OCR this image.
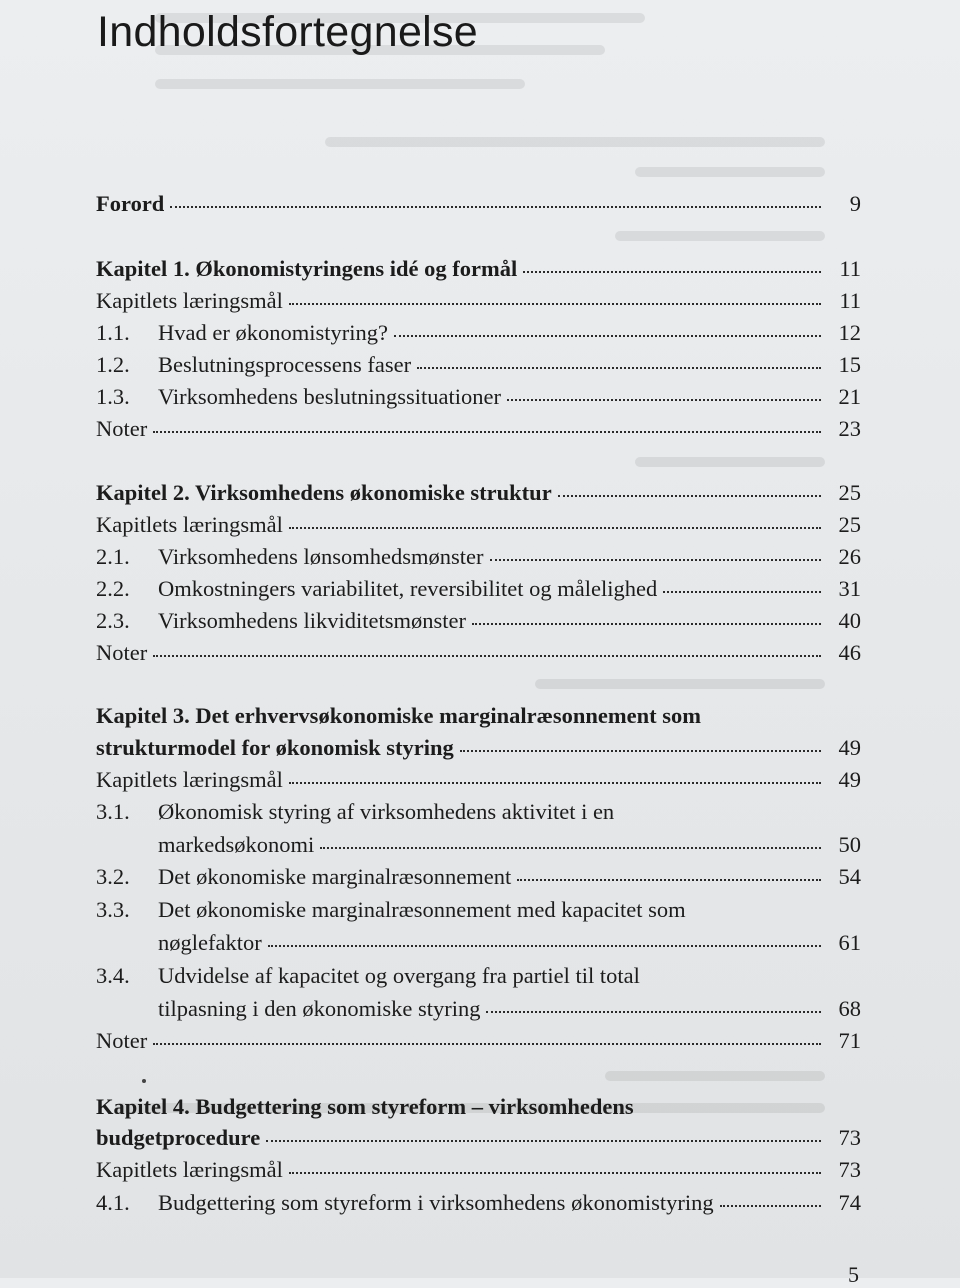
Indholdsfortegnelse
Forord	9
Kapitel 1. Økonomistyringens idé og formål	11
Kapitlets læringsmål	11
1.1.	Hvad er økonomistyring?	12
1.2.	Beslutningsprocessens faser	15
1.3.	Virksomhedens beslutningssituationer	21
Noter	23
Kapitel 2. Virksomhedens økonomiske struktur	25
Kapitlets læringsmål	25
2.1.	Virksomhedens lønsomhedsmønster	26
2.2.	Omkostningers variabilitet, reversibilitet og målelighed	31
2.3.	Virksomhedens likviditetsmønster	40
Noter	46
Kapitel 3. Det erhvervsøkonomiske marginalræsonnement som
strukturmodel for økonomisk styring	49
Kapitlets læringsmål	49
3.1.	Økonomisk styring af virksomhedens aktivitet i en
markedsøkonomi	50
3.2.	Det økonomiske marginalræsonnement	54
3.3.	Det økonomiske marginalræsonnement med kapacitet som
nøglefaktor	61
3.4.	Udvidelse af kapacitet og overgang fra partiel til total
tilpasning i den økonomiske styring	68
Noter	71
Kapitel 4. Budgettering som styreform – virksomhedens
budgetprocedure	73
Kapitlets læringsmål	73
4.1.	Budgettering som styreform i virksomhedens økonomistyring	74
5
